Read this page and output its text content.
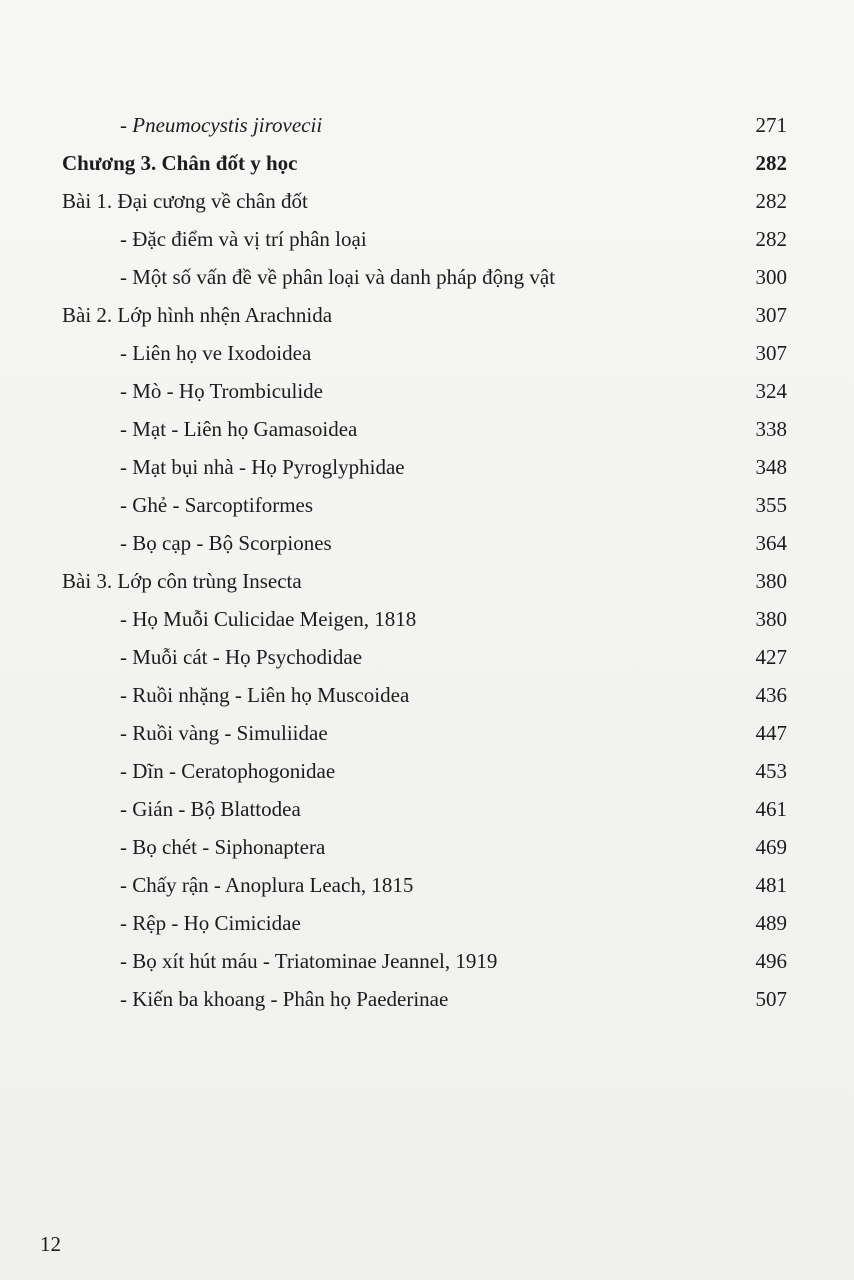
- Pneumocystis jirovecii	271
Chương 3. Chân đốt y học	282
Bài 1. Đại cương về chân đốt	282
- Đặc điểm và vị trí phân loại	282
- Một số vấn đề về phân loại và danh pháp động vật	300
Bài 2. Lớp hình nhện Arachnida	307
- Liên họ ve Ixodoidea	307
- Mò - Họ Trombiculide	324
- Mạt - Liên họ Gamasoidea	338
- Mạt bụi nhà - Họ Pyroglyphidae	348
- Ghẻ - Sarcoptiformes	355
- Bọ cạp - Bộ Scorpiones	364
Bài 3. Lớp côn trùng Insecta	380
- Họ Muỗi Culicidae Meigen, 1818	380
- Muỗi cát - Họ Psychodidae	427
- Ruồi nhặng - Liên họ Muscoidea	436
- Ruồi vàng - Simuliidae	447
- Dĩn - Ceratophogonidae	453
- Gián - Bộ Blattodea	461
- Bọ chét - Siphonaptera	469
- Chấy rận - Anoplura Leach, 1815	481
- Rệp - Họ Cimicidae	489
- Bọ xít hút máu - Triatominae Jeannel, 1919	496
- Kiến ba khoang - Phân họ Paederinae	507
12
